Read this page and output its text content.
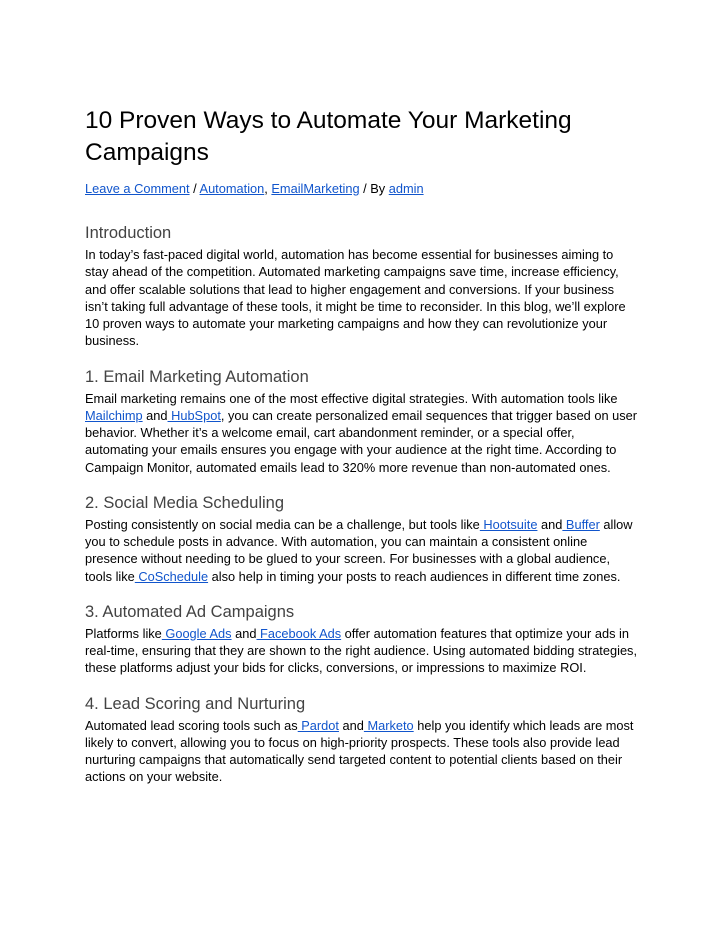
10 Proven Ways to Automate Your Marketing Campaigns
Leave a Comment / Automation, EmailMarketing / By admin
Introduction

In today’s fast-paced digital world, automation has become essential for businesses aiming to stay ahead of the competition. Automated marketing campaigns save time, increase efficiency, and offer scalable solutions that lead to higher engagement and conversions. If your business isn’t taking full advantage of these tools, it might be time to reconsider. In this blog, we’ll explore 10 proven ways to automate your marketing campaigns and how they can revolutionize your business.

1. Email Marketing Automation

Email marketing remains one of the most effective digital strategies. With automation tools like Mailchimp and HubSpot, you can create personalized email sequences that trigger based on user behavior. Whether it’s a welcome email, cart abandonment reminder, or a special offer, automating your emails ensures you engage with your audience at the right time. According to Campaign Monitor, automated emails lead to 320% more revenue than non-automated ones.

2. Social Media Scheduling

Posting consistently on social media can be a challenge, but tools like Hootsuite and Buffer allow you to schedule posts in advance. With automation, you can maintain a consistent online presence without needing to be glued to your screen. For businesses with a global audience, tools like CoSchedule also help in timing your posts to reach audiences in different time zones.

3. Automated Ad Campaigns

Platforms like Google Ads and Facebook Ads offer automation features that optimize your ads in real-time, ensuring that they are shown to the right audience. Using automated bidding strategies, these platforms adjust your bids for clicks, conversions, or impressions to maximize ROI.

4. Lead Scoring and Nurturing

Automated lead scoring tools such as Pardot and Marketo help you identify which leads are most likely to convert, allowing you to focus on high-priority prospects. These tools also provide lead nurturing campaigns that automatically send targeted content to potential clients based on their actions on your website.
